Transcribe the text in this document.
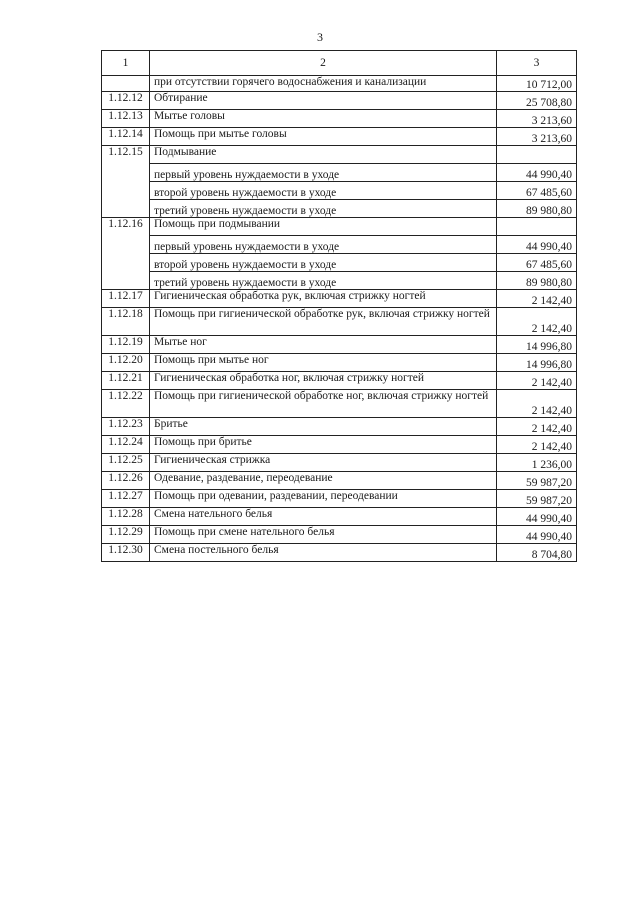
3
1	2	3
	при отсутствии горячего водоснабжения и канализации	10 712,00
1.12.12	Обтирание	25 708,80
1.12.13	Мытье головы	3 213,60
1.12.14	Помощь при мытье головы	3 213,60
1.12.15	Подмывание	
	первый уровень нуждаемости в уходе	44 990,40
	второй уровень нуждаемости в уходе	67 485,60
	третий уровень нуждаемости в уходе	89 980,80
1.12.16	Помощь при подмывании	
	первый уровень нуждаемости в уходе	44 990,40
	второй уровень нуждаемости в уходе	67 485,60
	третий уровень нуждаемости в уходе	89 980,80
1.12.17	Гигиеническая обработка рук, включая стрижку ногтей	2 142,40
1.12.18	Помощь при гигиенической обработке рук, включая стрижку ногтей	2 142,40
1.12.19	Мытье ног	14 996,80
1.12.20	Помощь при мытье ног	14 996,80
1.12.21	Гигиеническая обработка ног, включая стрижку ногтей	2 142,40
1.12.22	Помощь при гигиенической обработке ног, включая стрижку ногтей	2 142,40
1.12.23	Бритье	2 142,40
1.12.24	Помощь при бритье	2 142,40
1.12.25	Гигиеническая стрижка	1 236,00
1.12.26	Одевание, раздевание, переодевание	59 987,20
1.12.27	Помощь при одевании, раздевании, переодевании	59 987,20
1.12.28	Смена нательного белья	44 990,40
1.12.29	Помощь при смене нательного белья	44 990,40
1.12.30	Смена постельного белья	8 704,80
